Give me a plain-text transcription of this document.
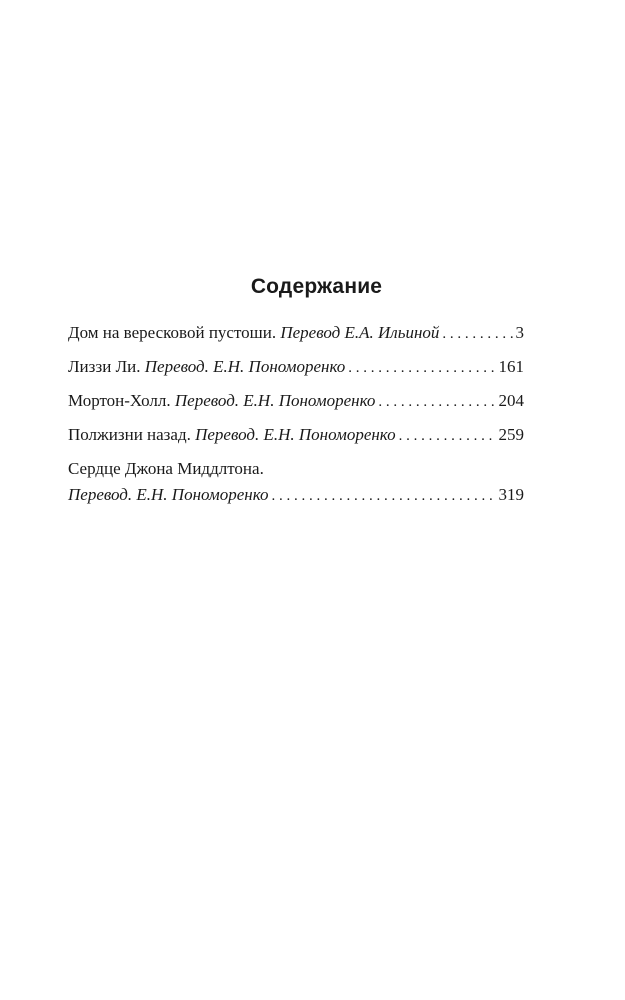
Содержание
Дом на вересковой пустоши.
Перевод Е.А. Ильиной . . .	3
Лиззи Ли.
Перевод. Е.Н. Пономоренко . . .	161
Мортон-Холл.
Перевод. Е.Н. Пономоренко . . .	204
Полжизни назад.
Перевод. Е.Н. Пономоренко . . .	259
Сердце Джона Миддлтона.
Перевод. Е.Н. Пономоренко . . .	319
